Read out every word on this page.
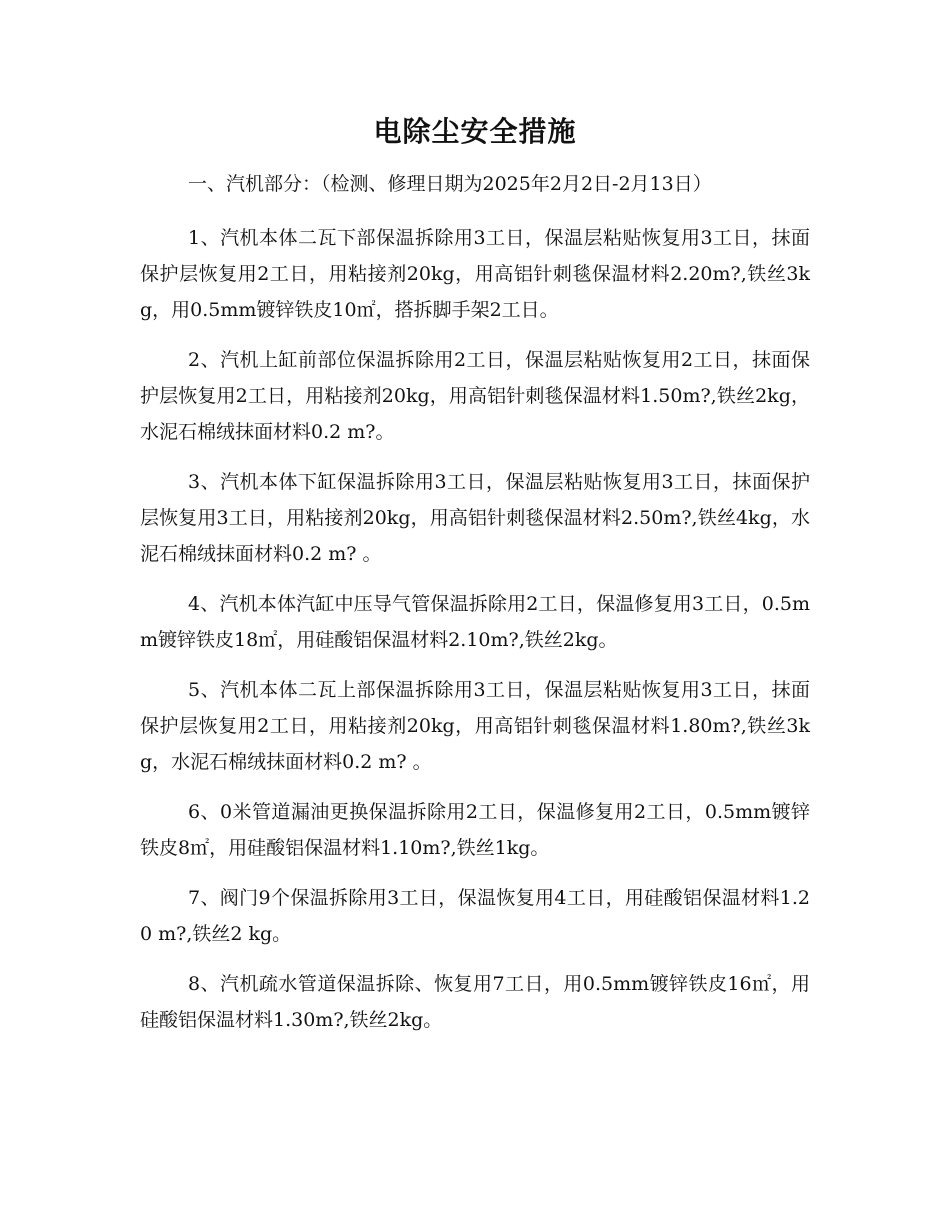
电除尘安全措施

一、汽机部分：（检测、修理日期为2025年2月2日-2月13日）

1、汽机本体二瓦下部保温拆除用3工日，保温层粘贴恢复用3工日，抹面保护层恢复用2工日，用粘接剂20kg，用高铝针刺毯保温材料2.20m?,铁丝3kg，用0.5mm镀锌铁皮10㎡，搭拆脚手架2工日。

2、汽机上缸前部位保温拆除用2工日，保温层粘贴恢复用2工日，抹面保护层恢复用2工日，用粘接剂20kg，用高铝针刺毯保温材料1.50m?,铁丝2kg，水泥石棉绒抹面材料0.2 m?。

3、汽机本体下缸保温拆除用3工日，保温层粘贴恢复用3工日，抹面保护层恢复用3工日，用粘接剂20kg，用高铝针刺毯保温材料2.50m?,铁丝4kg，水泥石棉绒抹面材料0.2 m? 。

4、汽机本体汽缸中压导气管保温拆除用2工日，保温修复用3工日，0.5mm镀锌铁皮18㎡，用硅酸铝保温材料2.10m?,铁丝2kg。

5、汽机本体二瓦上部保温拆除用3工日，保温层粘贴恢复用3工日，抹面保护层恢复用2工日，用粘接剂20kg，用高铝针刺毯保温材料1.80m?,铁丝3kg，水泥石棉绒抹面材料0.2 m? 。

6、0米管道漏油更换保温拆除用2工日，保温修复用2工日，0.5mm镀锌铁皮8㎡，用硅酸铝保温材料1.10m?,铁丝1kg。

7、阀门9个保温拆除用3工日，保温恢复用4工日，用硅酸铝保温材料1.20 m?,铁丝2 kg。

8、汽机疏水管道保温拆除、恢复用7工日，用0.5mm镀锌铁皮16㎡，用硅酸铝保温材料1.30m?,铁丝2kg。
